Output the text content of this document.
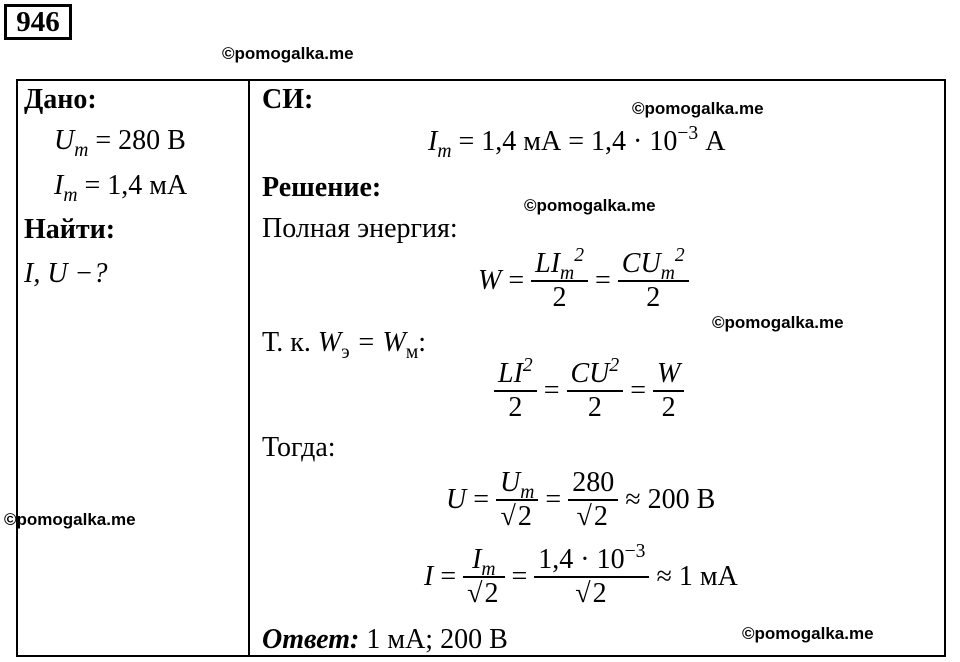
946
©pomogalka.me
©pomogalka.me
©pomogalka.me
©pomogalka.me
©pomogalka.me
©pomogalka.me
Дано:
$U_m = 280$ В
$I_m = 1,4$ мА
Найти:
I, U −?
СИ:
$I_m = 1,4$ мА = $1,4 \cdot 10^{-3}$ А
Решение:
Полная энергия:
$W = \frac{LI_m^2}{2} = \frac{CU_m^2}{2}$
Т. к. $W_э = W_м$:
$\frac{LI^2}{2} = \frac{CU^2}{2} = \frac{W}{2}$
Тогда:
$U = \frac{U_m}{√2} = \frac{280}{√2} \approx 200$ В
$I = \frac{I_m}{√2} = \frac{1,4 \cdot 10^{-3}}{√2} \approx 1$ мА
Ответ: 1 мА; 200 В
